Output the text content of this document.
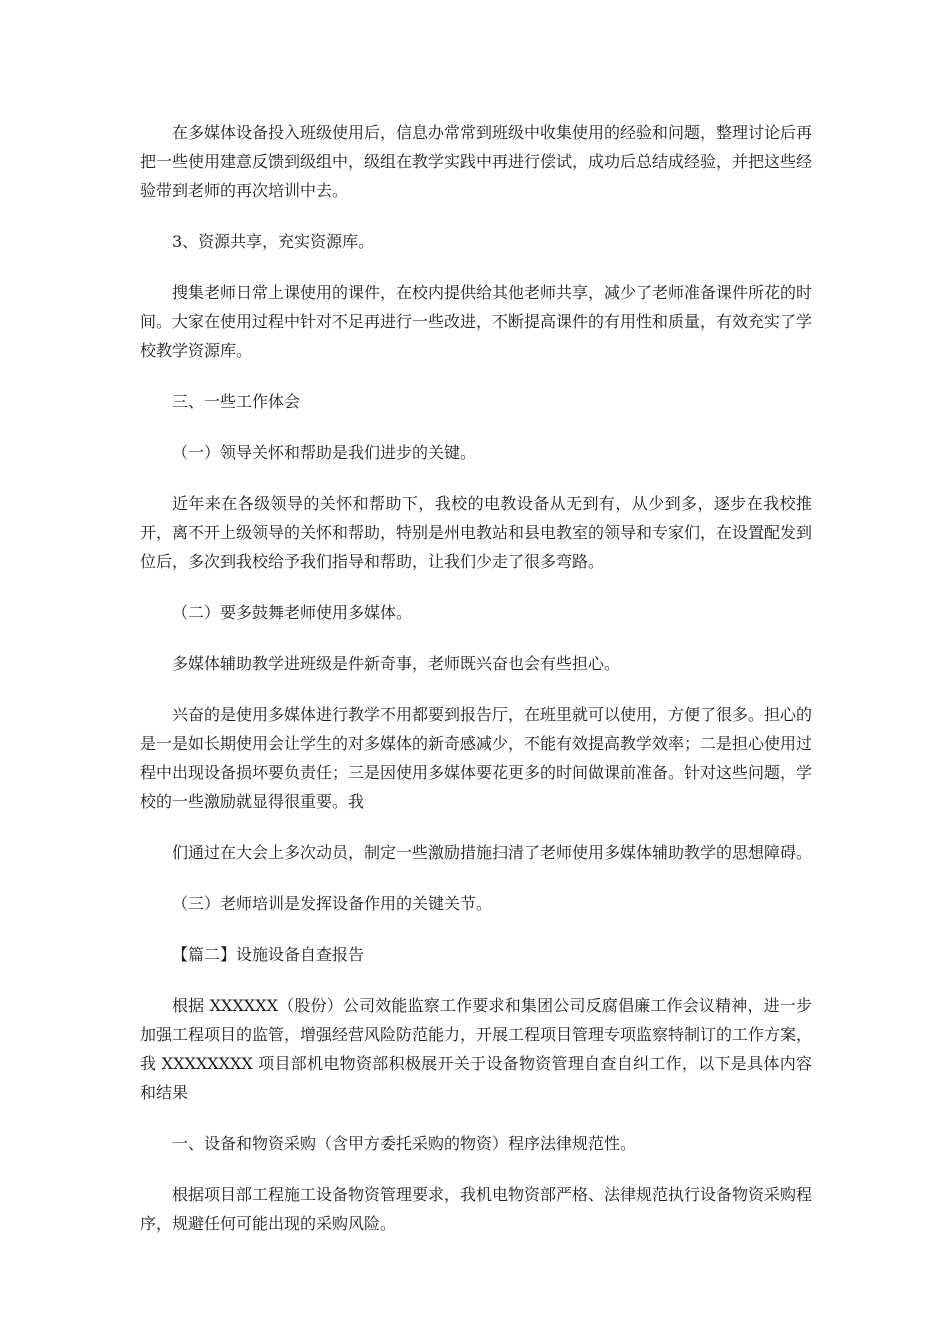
在多媒体设备投入班级使用后，信息办常常到班级中收集使用的经验和问题，整理讨论后再把一些使用建意反馈到级组中，级组在教学实践中再进行偿试，成功后总结成经验，并把这些经验带到老师的再次培训中去。

3、资源共享，充实资源库。

搜集老师日常上课使用的课件，在校内提供给其他老师共享，减少了老师准备课件所花的时间。大家在使用过程中针对不足再进行一些改进，不断提高课件的有用性和质量，有效充实了学校教学资源库。

三、一些工作体会

（一）领导关怀和帮助是我们进步的关键。

近年来在各级领导的关怀和帮助下，我校的电教设备从无到有，从少到多，逐步在我校推开，离不开上级领导的关怀和帮助，特别是州电教站和县电教室的领导和专家们，在设置配发到位后，多次到我校给予我们指导和帮助，让我们少走了很多弯路。

（二）要多鼓舞老师使用多媒体。

多媒体辅助教学进班级是件新奇事，老师既兴奋也会有些担心。

兴奋的是使用多媒体进行教学不用都要到报告厅，在班里就可以使用，方便了很多。担心的是一是如长期使用会让学生的对多媒体的新奇感减少，不能有效提高教学效率；二是担心使用过程中出现设备损坏要负责任；三是因使用多媒体要花更多的时间做课前准备。针对这些问题，学校的一些激励就显得很重要。我

们通过在大会上多次动员，制定一些激励措施扫清了老师使用多媒体辅助教学的思想障碍。

（三）老师培训是发挥设备作用的关键关节。

【篇二】设施设备自查报告

根据 XXXXXX（股份）公司效能监察工作要求和集团公司反腐倡廉工作会议精神，进一步加强工程项目的监管，增强经营风险防范能力，开展工程项目管理专项监察特制订的工作方案，我 XXXXXXXX 项目部机电物资部积极展开关于设备物资管理自查自纠工作，以下是具体内容和结果

一、设备和物资采购（含甲方委托采购的物资）程序法律规范性。

根据项目部工程施工设备物资管理要求，我机电物资部严格、法律规范执行设备物资采购程序，规避任何可能出现的采购风险。
